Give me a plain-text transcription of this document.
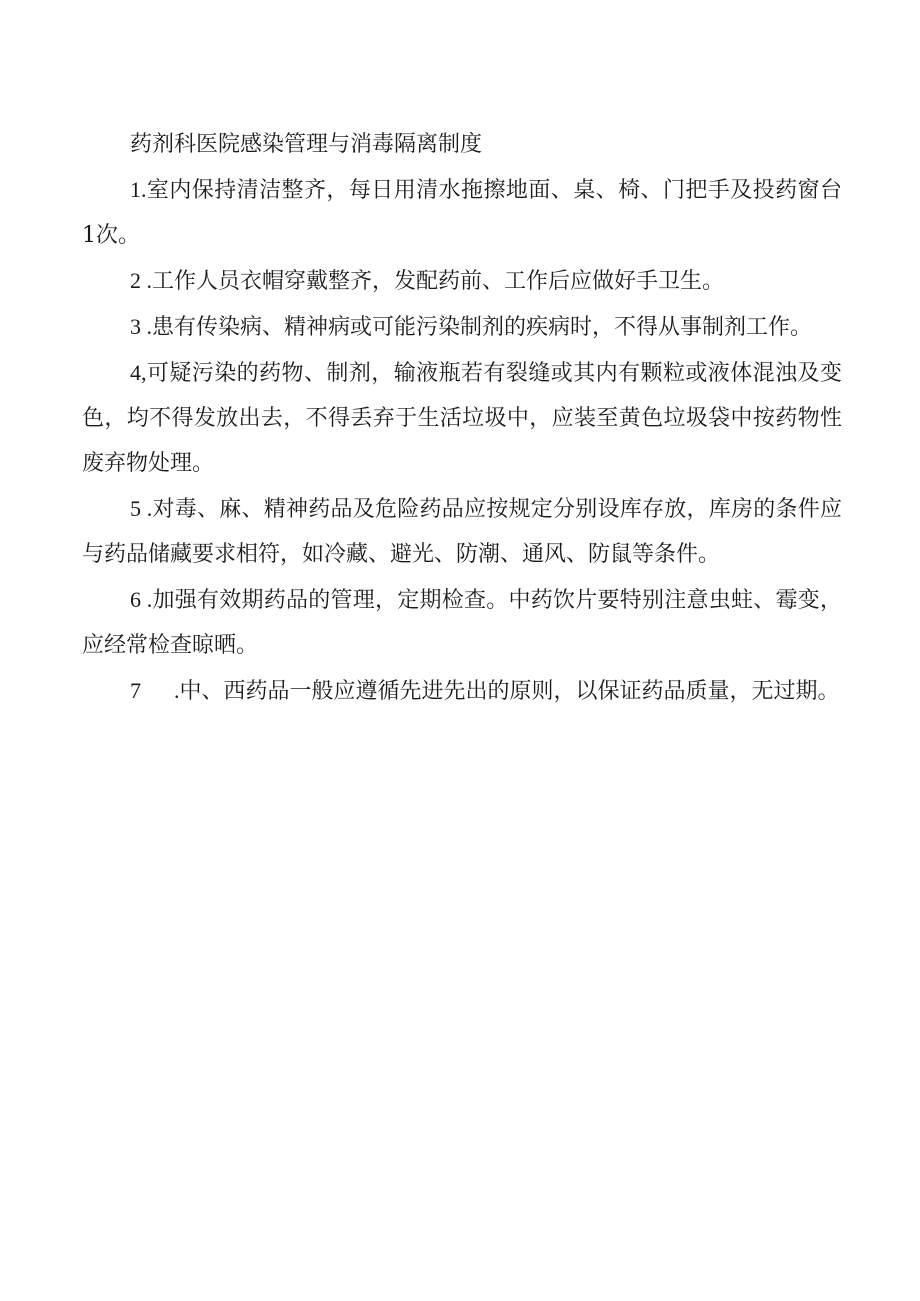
药剂科医院感染管理与消毒隔离制度

1.室内保持清洁整齐，每日用清水拖擦地面、桌、椅、门把手及投药窗台1次。

2 .工作人员衣帽穿戴整齐，发配药前、工作后应做好手卫生。

3 .患有传染病、精神病或可能污染制剂的疾病时，不得从事制剂工作。

4,可疑污染的药物、制剂，输液瓶若有裂缝或其内有颗粒或液体混浊及变色，均不得发放出去，不得丢弃于生活垃圾中，应装至黄色垃圾袋中按药物性废弃物处理。

5 .对毒、麻、精神药品及危险药品应按规定分别设库存放，库房的条件应与药品储藏要求相符，如冷藏、避光、防潮、通风、防鼠等条件。

6 .加强有效期药品的管理，定期检查。中药饮片要特别注意虫蛀、霉变，应经常检查晾晒。

7      .中、西药品一般应遵循先进先出的原则，以保证药品质量，无过期。
